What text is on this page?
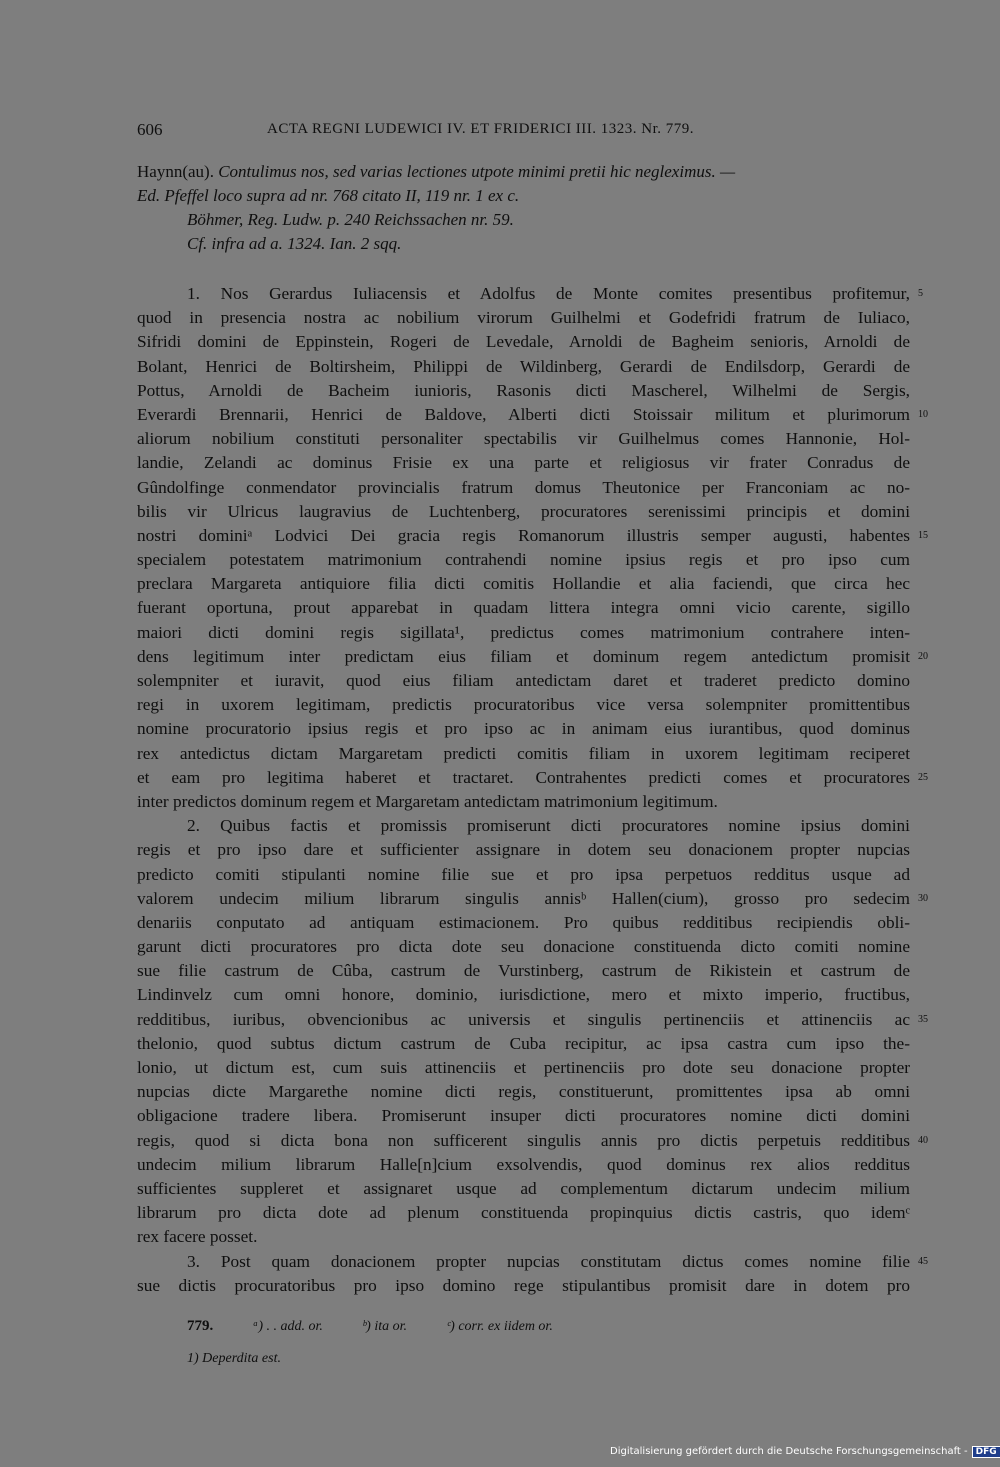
606	ACTA REGNI LUDEWICI IV. ET FRIDERICI III. 1323. Nr. 779.
Haynn(au). Contulimus nos, sed varias lectiones utpote minimi pretii hic negleximus. —
Ed. Pfeffel loco supra ad nr. 768 citato II, 119 nr. 1 ex c.
Böhmer, Reg. Ludw. p. 240 Reichssachen nr. 59.
Cf. infra ad a. 1324. Ian. 2 sqq.
1. Nos Gerardus Iuliacensis et Adolfus de Monte comites presentibus profitemur,
quod in presencia nostra ac nobilium virorum Guilhelmi et Godefridi fratrum de Iuliaco,
Sifridi domini de Eppinstein, Rogeri de Levedale, Arnoldi de Bagheim senioris, Arnoldi de
Bolant, Henrici de Boltirsheim, Philippi de Wildinberg, Gerardi de Endilsdorp, Gerardi de
Pottus, Arnoldi de Bacheim iunioris, Rasonis dicti Mascherel, Wilhelmi de Sergis,
Everardi Brennarii, Henrici de Baldove, Alberti dicti Stoissair militum et plurimorum
aliorum nobilium constituti personaliter spectabilis vir Guilhelmus comes Hannonie, Hol-
landie, Zelandi ac dominus Frisie ex una parte et religiosus vir frater Conradus de
Gûndolfinge conmendator provincialis fratrum domus Theutonice per Franconiam ac no-
bilis vir Ulricus laugravius de Luchtenberg, procuratores serenissimi principis et domini
nostri dominiᵃ Lodvici Dei gracia regis Romanorum illustris semper augusti, habentes
specialem potestatem matrimonium contrahendi nomine ipsius regis et pro ipso cum
preclara Margareta antiquiore filia dicti comitis Hollandie et alia faciendi, que circa hec
fuerant oportuna, prout apparebat in quadam littera integra omni vicio carente, sigillo
maiori dicti domini regis sigillata¹, predictus comes matrimonium contrahere inten-
dens legitimum inter predictam eius filiam et dominum regem antedictum promisit
solempniter et iuravit, quod eius filiam antedictam daret et traderet predicto domino
regi in uxorem legitimam, predictis procuratoribus vice versa solempniter promittentibus
nomine procuratorio ipsius regis et pro ipso ac in animam eius iurantibus, quod dominus
rex antedictus dictam Margaretam predicti comitis filiam in uxorem legitimam reciperet
et eam pro legitima haberet et tractaret. Contrahentes predicti comes et procuratores
inter predictos dominum regem et Margaretam antedictam matrimonium legitimum.
2. Quibus factis et promissis promiserunt dicti procuratores nomine ipsius domini
regis et pro ipso dare et sufficienter assignare in dotem seu donacionem propter nupcias
predicto comiti stipulanti nomine filie sue et pro ipsa perpetuos redditus usque ad
valorem undecim milium librarum singulis annisᵇ Hallen(cium), grosso pro sedecim
denariis conputato ad antiquam estimacionem. Pro quibus redditibus recipiendis obli-
garunt dicti procuratores pro dicta dote seu donacione constituenda dicto comiti nomine
sue filie castrum de Cûba, castrum de Vurstinberg, castrum de Rikistein et castrum de
Lindinvelz cum omni honore, dominio, iurisdictione, mero et mixto imperio, fructibus,
redditibus, iuribus, obvencionibus ac universis et singulis pertinenciis et attinenciis ac
thelonio, quod subtus dictum castrum de Cuba recipitur, ac ipsa castra cum ipso the-
lonio, ut dictum est, cum suis attinenciis et pertinenciis pro dote seu donacione propter
nupcias dicte Margarethe nomine dicti regis, constituerunt, promittentes ipsa ab omni
obligacione tradere libera. Promiserunt insuper dicti procuratores nomine dicti domini
regis, quod si dicta bona non sufficerent singulis annis pro dictis perpetuis redditibus
undecim milium librarum Halle[n]cium exsolvendis, quod dominus rex alios redditus
sufficientes suppleret et assignaret usque ad complementum dictarum undecim milium
librarum pro dicta dote ad plenum constituenda propinquius dictis castris, quo idemᶜ
rex facere posset.
3. Post quam donacionem propter nupcias constitutam dictus comes nomine filie
sue dictis procuratoribus pro ipso domino rege stipulantibus promisit dare in dotem pro
5
10
15
20
25
30
35
40
45
779.	ᵃ) . . add. or.	ᵇ) ita or.	ᶜ) corr. ex iidem or.
1) Deperdita est.
Digitalisierung gefördert durch die Deutsche Forschungsgemeinschaft - DFG
